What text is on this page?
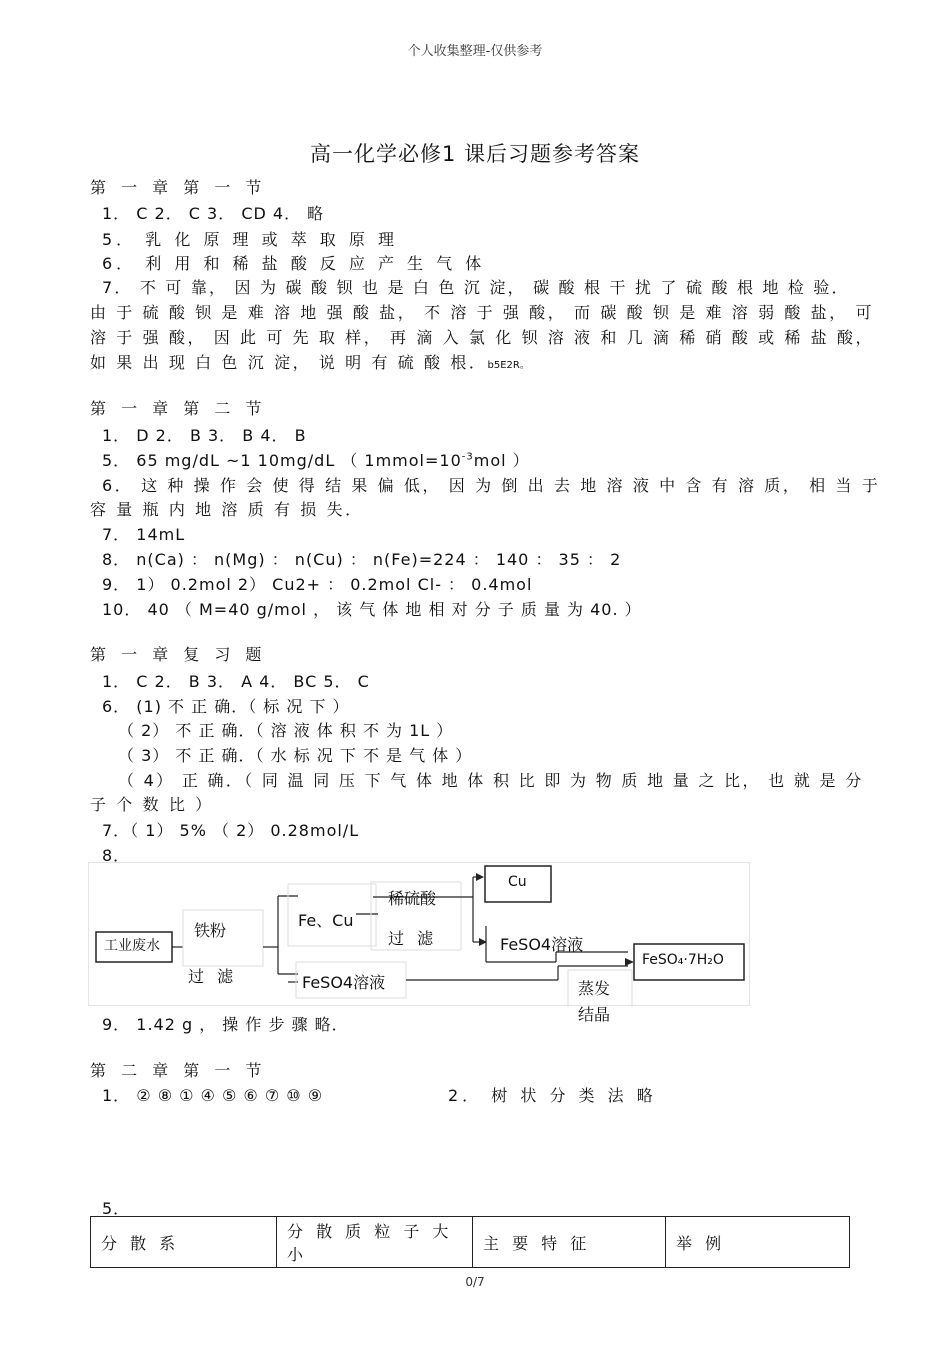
个人收集整理-仅供参考
高一化学必修1 课后习题参考答案
第 一 章 第 一 节
1． C 2． C 3． CD 4． 略
5． 乳 化 原 理 或 萃 取 原 理
6． 利 用 和 稀 盐 酸 反 应 产 生 气 体
7． 不 可 靠， 因 为 碳 酸 钡 也 是 白 色 沉 淀， 碳 酸 根 干 扰 了 硫 酸 根 地 检 验．
由 于 硫 酸 钡 是 难 溶 地 强 酸 盐， 不 溶 于 强 酸， 而 碳 酸 钡 是 难 溶 弱 酸 盐， 可
溶 于 强 酸， 因 此 可 先 取 样， 再 滴 入 氯 化 钡 溶 液 和 几 滴 稀 硝 酸 或 稀 盐 酸，
如 果 出 现 白 色 沉 淀， 说 明 有 硫 酸 根．b5E2R。
第 一 章 第 二 节
1． D 2． B 3． B 4． B
5． 65 mg/dL ~1 10mg/dL （ $1mmol=10^{-3}mol$ ）
6． 这 种 操 作 会 使 得 结 果 偏 低， 因 为 倒 出 去 地 溶 液 中 含 有 溶 质， 相 当 于
容 量 瓶 内 地 溶 质 有 损 失．
7． 14mL
8． n(Ca) ： n(Mg) ： n(Cu) ： n(Fe)=224 ： 140 ： 35 ： 2
9． 1） 0.2mol 2） Cu2+ ： 0.2mol Cl- ： 0.4mol
10． 40 （ M=40 g/mol ， 该 气 体 地 相 对 分 子 质 量 为 40. ）
第 一 章 复 习 题
1． C 2． B 3． A 4． BC 5． C
6． (1) 不 正 确．（ 标 况 下 ）
（ 2） 不 正 确．（ 溶 液 体 积 不 为 1L ）
（ 3） 不 正 确．（ 水 标 况 下 不 是 气 体 ）
（ 4） 正 确．（ 同 温 同 压 下 气 体 地 体 积 比 即 为 物 质 地 量 之 比， 也 就 是 分
子 个 数 比 ）
7．（ 1） 5% （ 2） 0.28mol/L
8．
工业废水
铁粉
过 滤
Fe、Cu
稀硫酸
过 滤
Cu
FeSO4溶液
FeSO4溶液
FeSO₄·7H₂O
蒸发
结晶
9． 1.42 g ， 操 作 步 骤 略．
第 二 章 第 一 节
1． ② ⑧ ① ④ ⑤ ⑥ ⑦ ⑩ ⑨	2． 树 状 分 类 法 略
5．
分 散 系	分 散 质 粒 子 大 小	主 要 特 征	举 例
0/7
